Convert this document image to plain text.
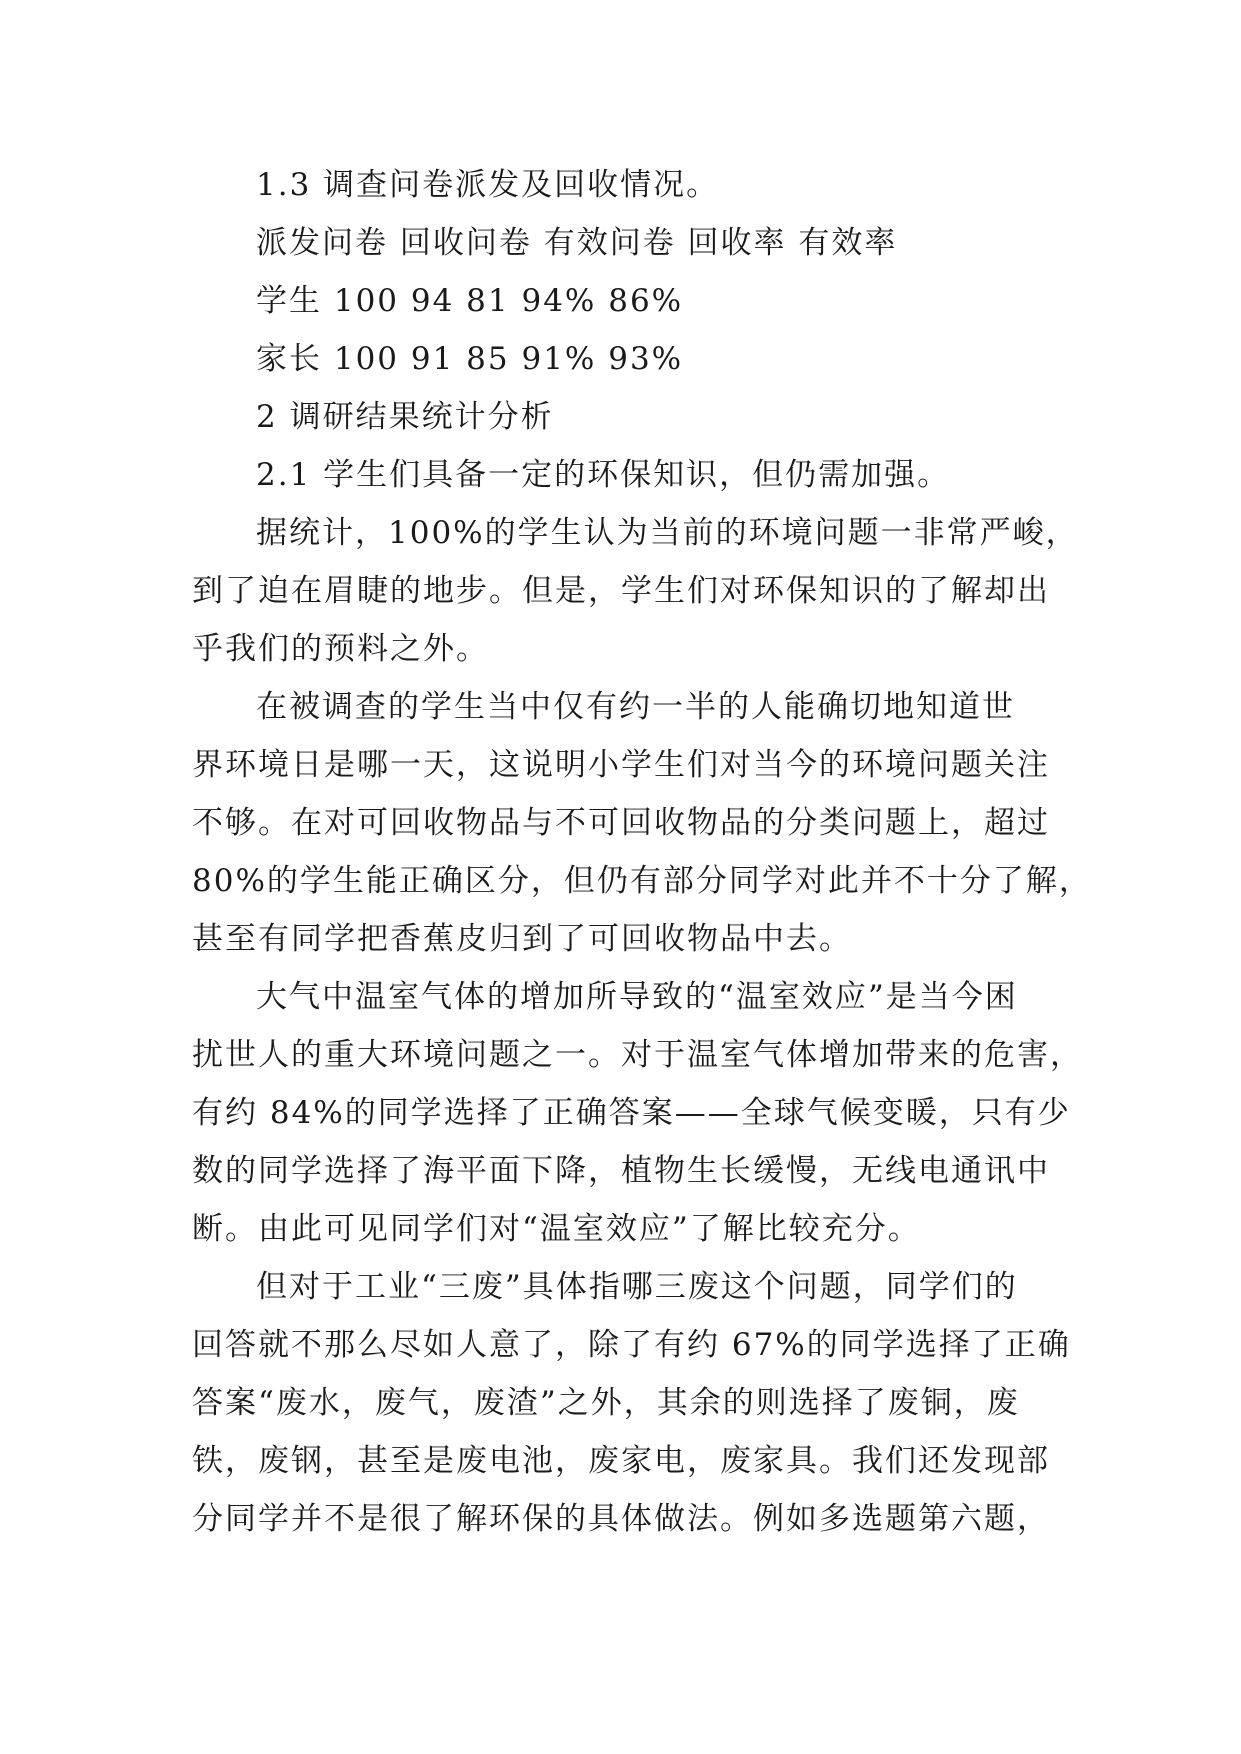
1.3 调查问卷派发及回收情况。
派发问卷 回收问卷 有效问卷 回收率 有效率
学生 100 94 81 94% 86%
家长 100 91 85 91% 93%
2 调研结果统计分析
2.1 学生们具备一定的环保知识，但仍需加强。
据统计，100%的学生认为当前的环境问题一非常严峻，
到了迫在眉睫的地步。但是，学生们对环保知识的了解却出
乎我们的预料之外。
在被调查的学生当中仅有约一半的人能确切地知道世
界环境日是哪一天，这说明小学生们对当今的环境问题关注
不够。在对可回收物品与不可回收物品的分类问题上，超过
80%的学生能正确区分，但仍有部分同学对此并不十分了解，
甚至有同学把香蕉皮归到了可回收物品中去。
大气中温室气体的增加所导致的“温室效应”是当今困
扰世人的重大环境问题之一。对于温室气体增加带来的危害，
有约 84%的同学选择了正确答案——全球气候变暖，只有少
数的同学选择了海平面下降，植物生长缓慢，无线电通讯中
断。由此可见同学们对“温室效应”了解比较充分。
但对于工业“三废”具体指哪三废这个问题，同学们的
回答就不那么尽如人意了，除了有约 67%的同学选择了正确
答案“废水，废气，废渣”之外，其余的则选择了废铜，废
铁，废钢，甚至是废电池，废家电，废家具。我们还发现部
分同学并不是很了解环保的具体做法。例如多选题第六题，
